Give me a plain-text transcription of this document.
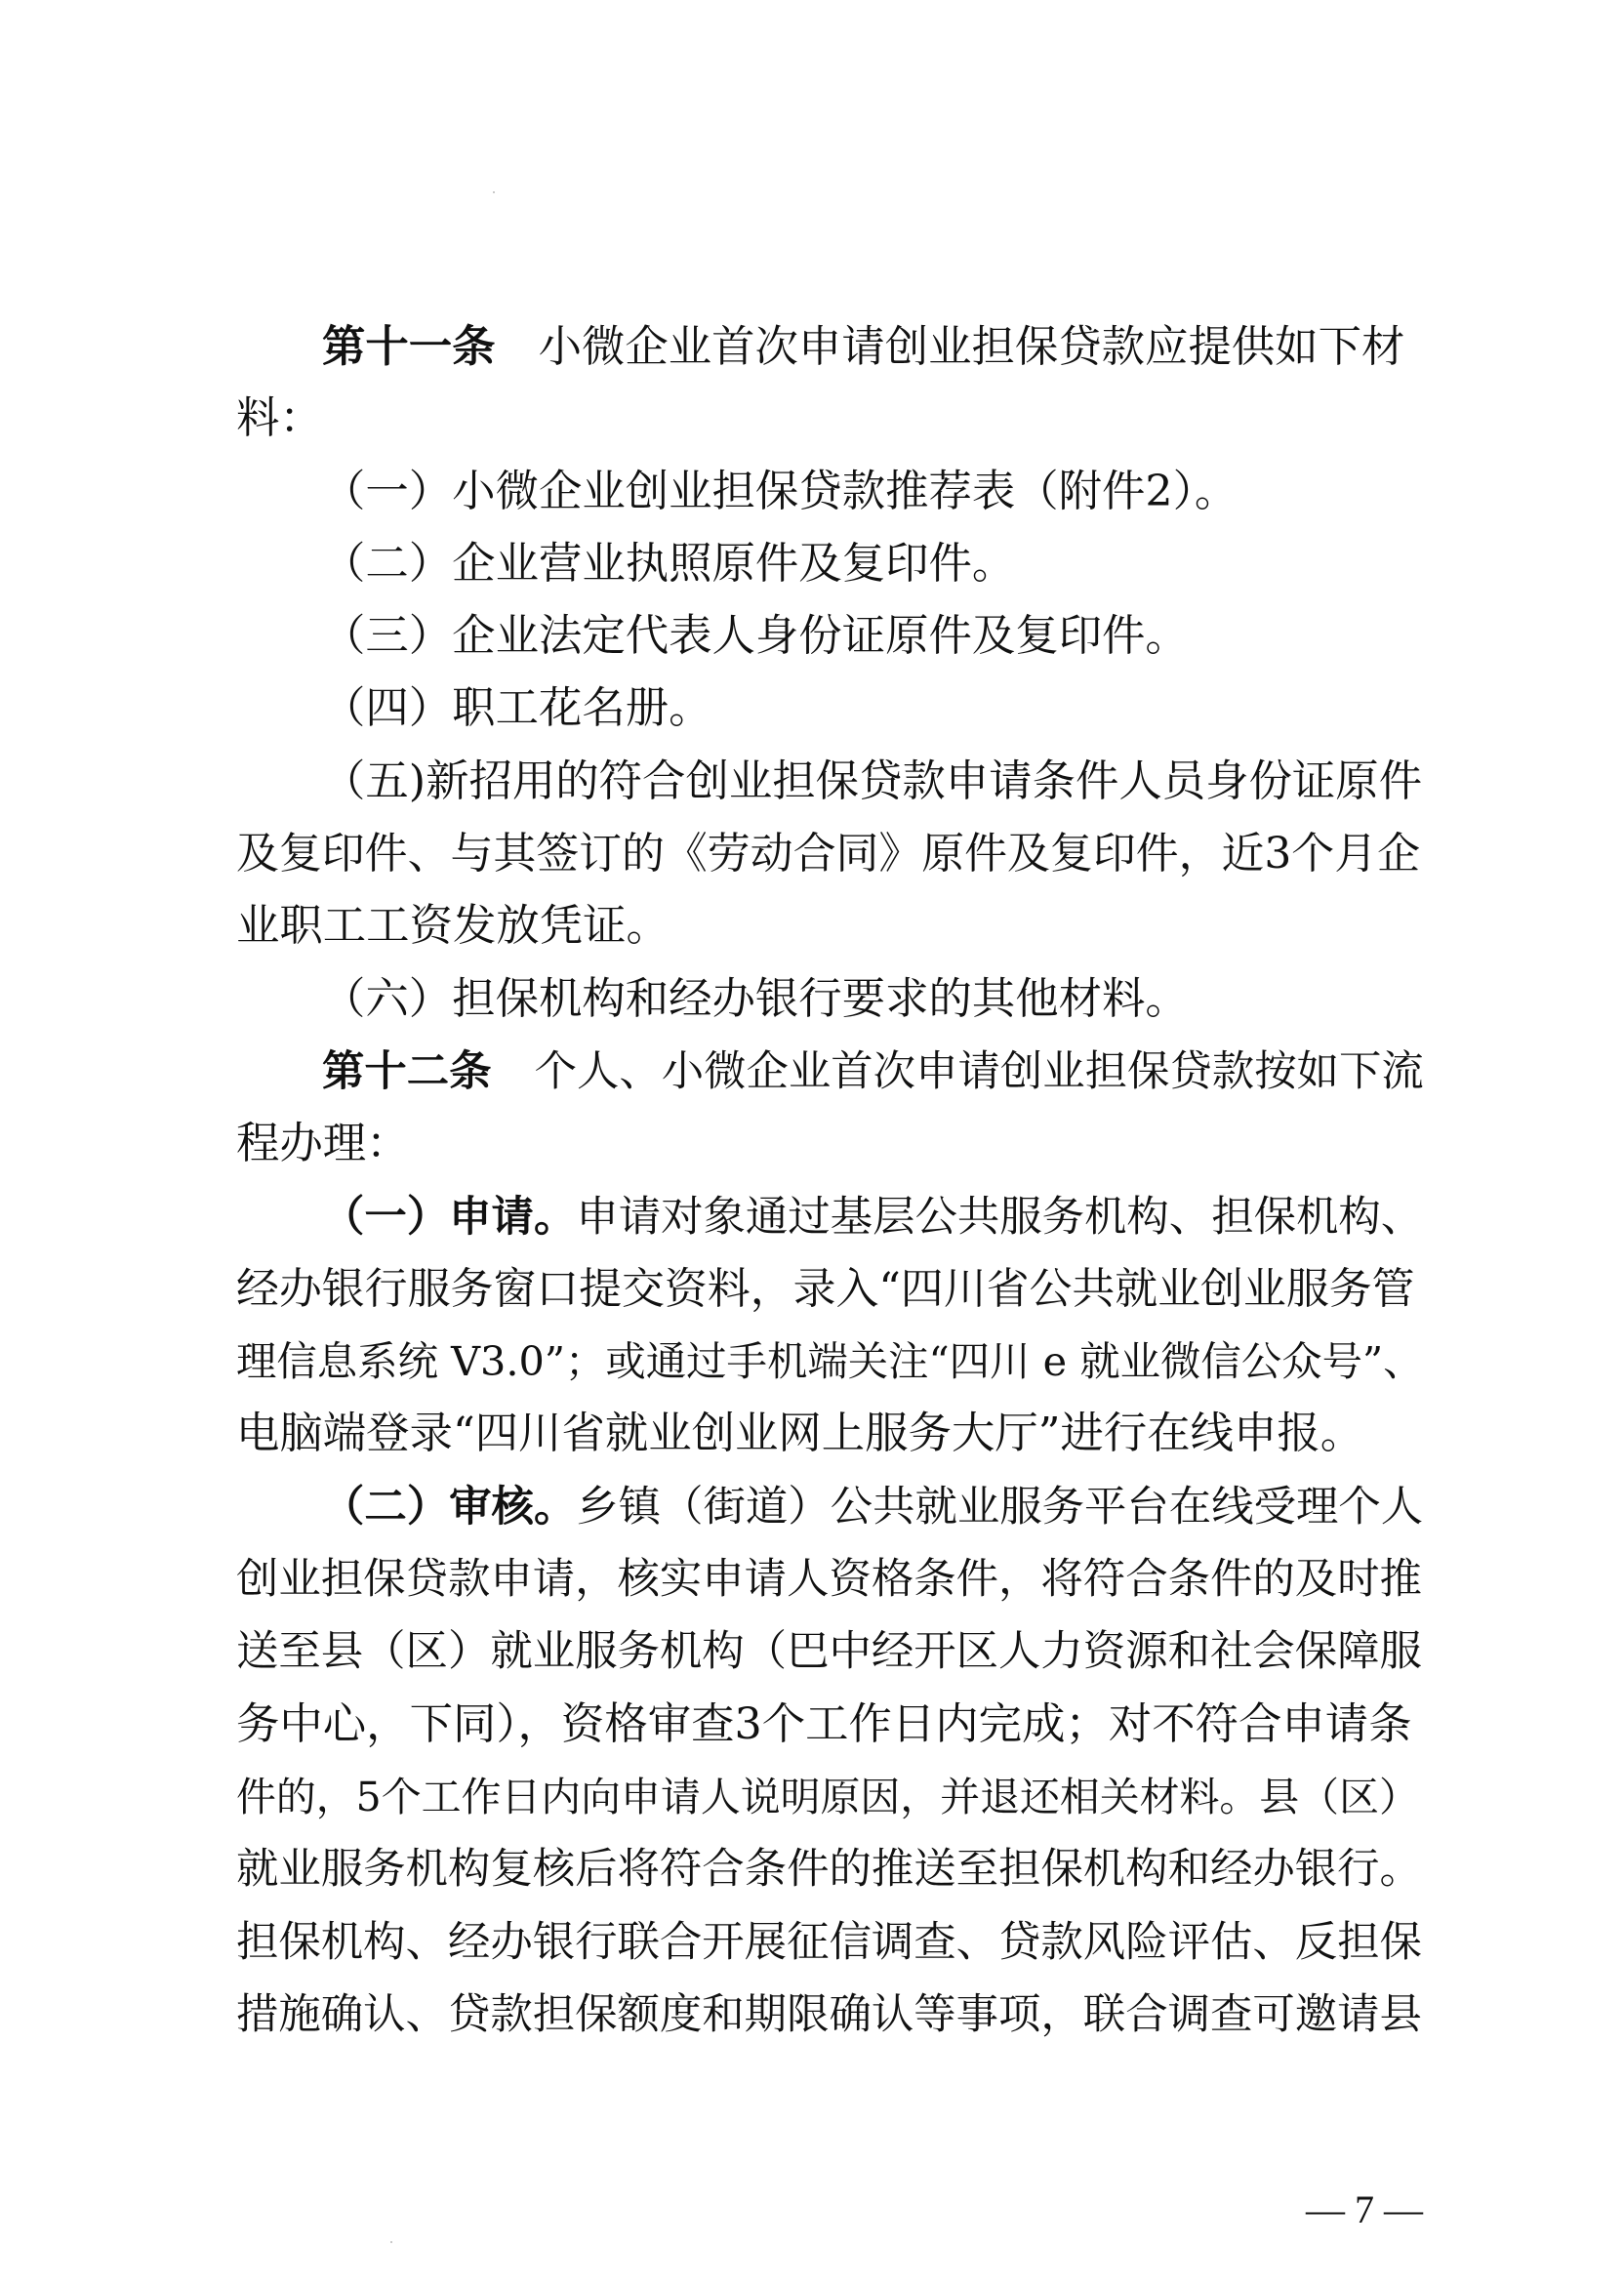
第十一条 小微企业首次申请创业担保贷款应提供如下材
料：
（一）小微企业创业担保贷款推荐表（附件2）。
（二）企业营业执照原件及复印件。
（三）企业法定代表人身份证原件及复印件。
（四）职工花名册。
（五)新招用的符合创业担保贷款申请条件人员身份证原件
及复印件、与其签订的《劳动合同》原件及复印件，近3个月企
业职工工资发放凭证。
（六）担保机构和经办银行要求的其他材料。
第十二条 个人、小微企业首次申请创业担保贷款按如下流
程办理：
（一）申请。申请对象通过基层公共服务机构、担保机构、
经办银行服务窗口提交资料，录入“四川省公共就业创业服务管
理信息系统 V3.0”；或通过手机端关注“四川 e 就业微信公众号”、
电脑端登录“四川省就业创业网上服务大厅”进行在线申报。
（二）审核。乡镇（街道）公共就业服务平台在线受理个人
创业担保贷款申请，核实申请人资格条件，将符合条件的及时推
送至县（区）就业服务机构（巴中经开区人力资源和社会保障服
务中心，下同），资格审查3个工作日内完成；对不符合申请条
件的，5个工作日内向申请人说明原因，并退还相关材料。县（区）
就业服务机构复核后将符合条件的推送至担保机构和经办银行。
担保机构、经办银行联合开展征信调查、贷款风险评估、反担保
措施确认、贷款担保额度和期限确认等事项，联合调查可邀请县
— 7 —
